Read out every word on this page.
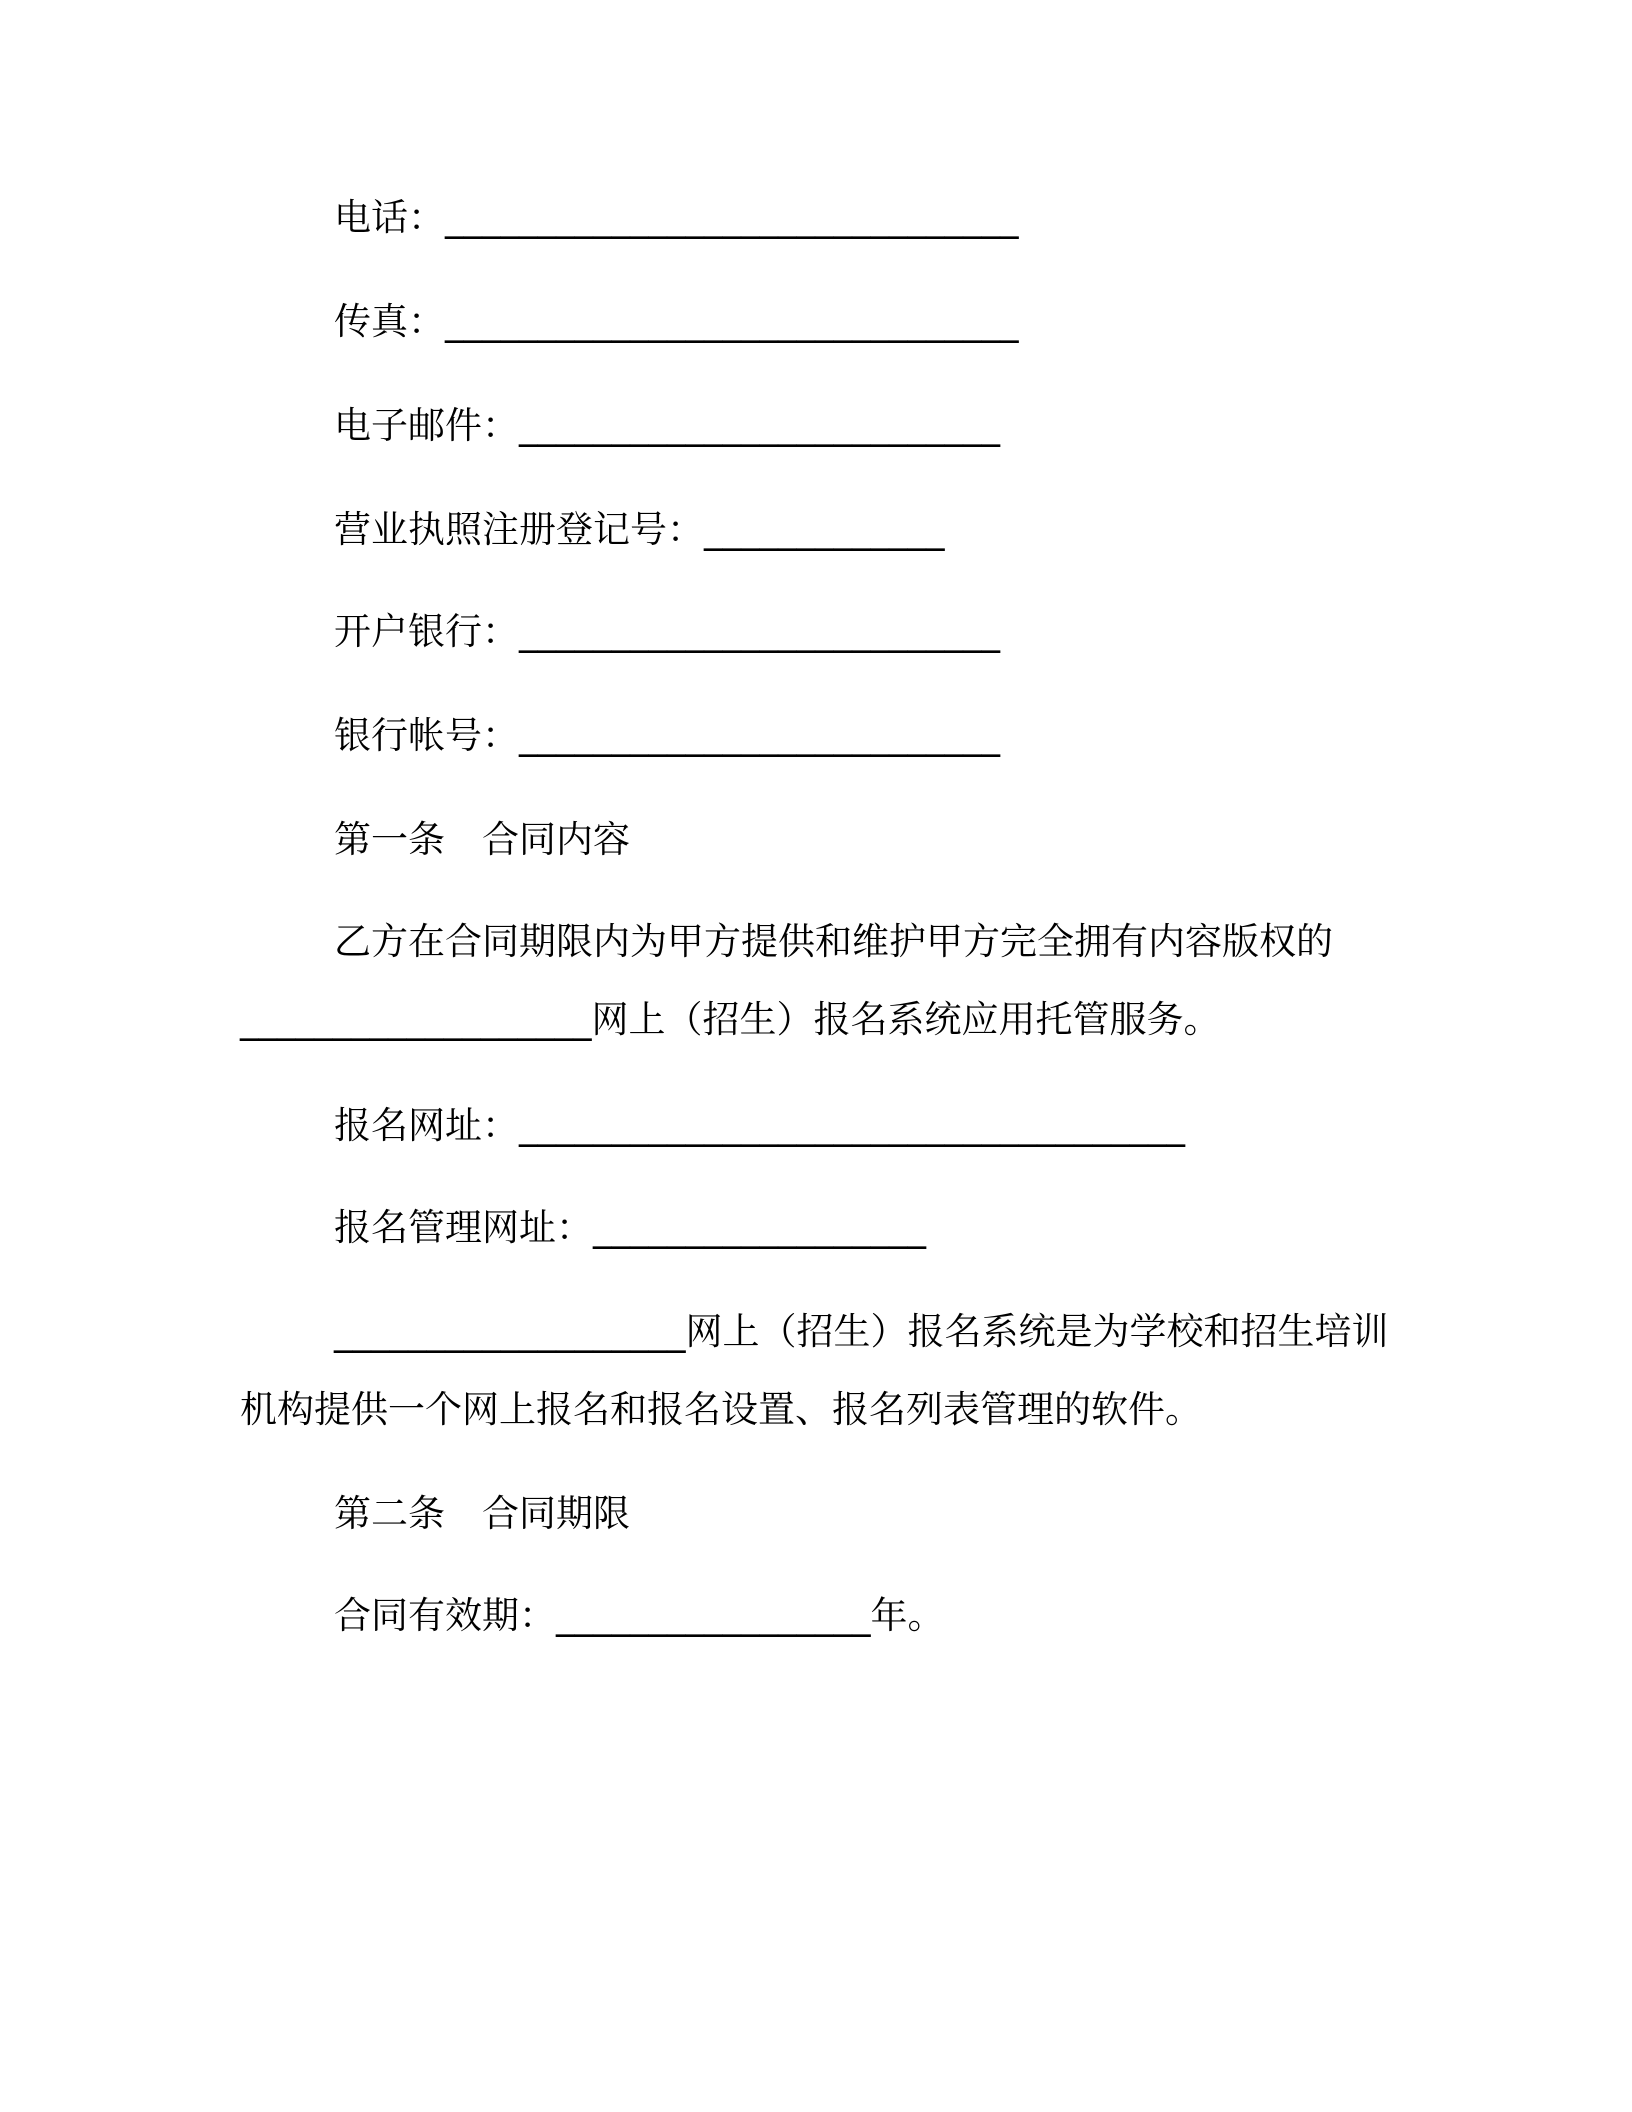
电话：_______________________________
传真：_______________________________
电子邮件：__________________________
营业执照注册登记号：_____________
开户银行：__________________________
银行帐号：__________________________
第一条　合同内容
乙方在合同期限内为甲方提供和维护甲方完全拥有内容版权的
___________________网上（招生）报名系统应用托管服务。
报名网址：____________________________________
报名管理网址：__________________
___________________网上（招生）报名系统是为学校和招生培训
机构提供一个网上报名和报名设置、报名列表管理的软件。
第二条　合同期限
合同有效期：_________________年。
